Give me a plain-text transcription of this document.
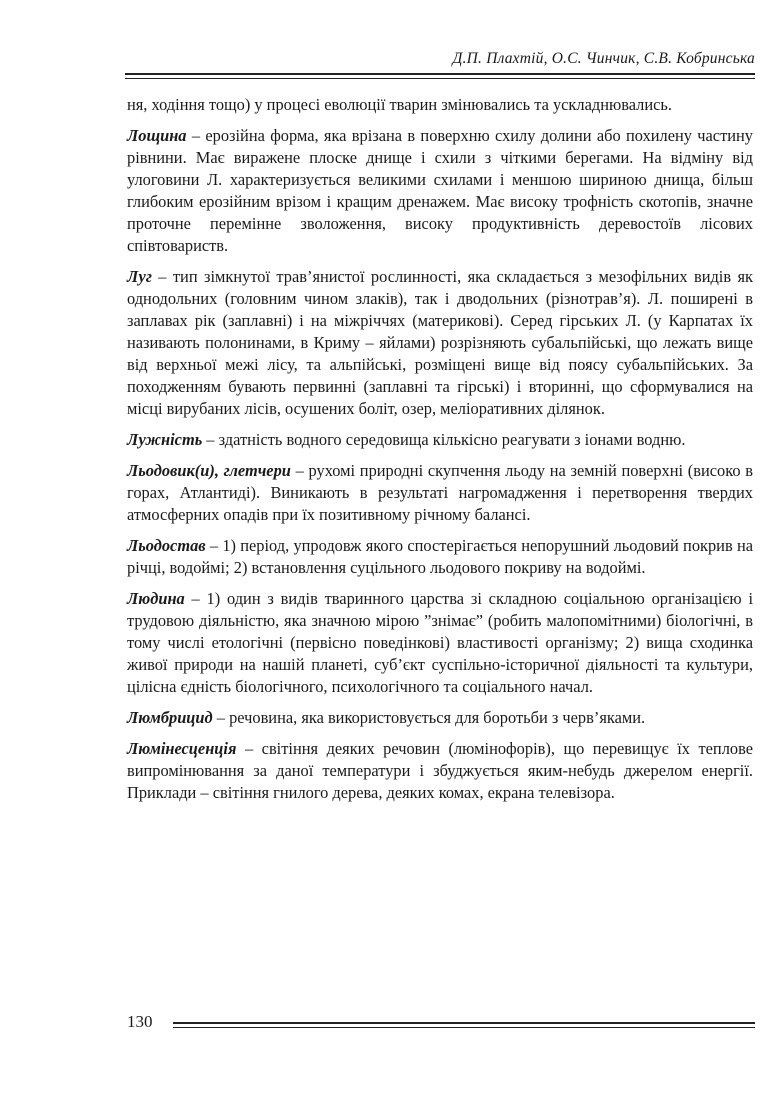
Д.П. Плахтій, О.С. Чинчик, С.В. Кобринська

ня, ходіння тощо) у процесі еволюції тварин змінювались та ускладнювались.

Лощина – ерозійна форма, яка врізана в поверхню схилу долини або похилену частину рівнини. Має виражене плоске днище і схили з чіткими берегами. На відміну від улоговини Л. характеризується великими схилами і меншою шириною днища, більш глибоким ерозійним врізом і кращим дренажем. Має високу трофність скотопів, значне проточне перемінне зволоження, високу продуктивність деревостоїв лісових співтовариств.

Луг – тип зімкнутої трав’янистої рослинності, яка складається з мезофільних видів як однодольних (головним чином злаків), так і дводольних (різнотрав’я). Л. поширені в заплавах рік (заплавні) і на міжріччях (материкові). Серед гірських Л. (у Карпатах їх називають полонинами, в Криму – яйлами) розрізняють субальпійські, що лежать вище від верхньої межі лісу, та альпійські, розміщені вище від поясу субальпійських. За походженням бувають первинні (заплавні та гірські) і вторинні, що сформувалися на місці вирубаних лісів, осушених боліт, озер, меліоративних ділянок.

Лужність – здатність водного середовища кількісно реагувати з іонами водню.

Льодовик(и), глетчери – рухомі природні скупчення льоду на земній поверхні (високо в горах, Атлантиді). Виникають в результаті нагромадження і перетворення твердих атмосферних опадів при їх позитивному річному балансі.

Льодостав – 1) період, упродовж якого спостерігається непорушний льодовий покрив на річці, водоймі; 2) встановлення суцільного льодового покриву на водоймі.

Людина – 1) один з видів тваринного царства зі складною соціальною організацією і трудовою діяльністю, яка значною мірою ”знімає” (робить малопомітними) біологічні, в тому числі етологічні (первісно поведінкові) властивості організму; 2) вища сходинка живої природи на нашій планеті, суб’єкт суспільно-історичної діяльності та культури, цілісна єдність біологічного, психологічного та соціального начал.

Люмбрицид – речовина, яка використовується для боротьби з черв’яками.

Люмінесценція – світіння деяких речовин (люмінофорів), що перевищує їх теплове випромінювання за даної температури і збуджується яким-небудь джерелом енергії. Приклади – світіння гнилого дерева, деяких комах, екрана телевізора.

130
